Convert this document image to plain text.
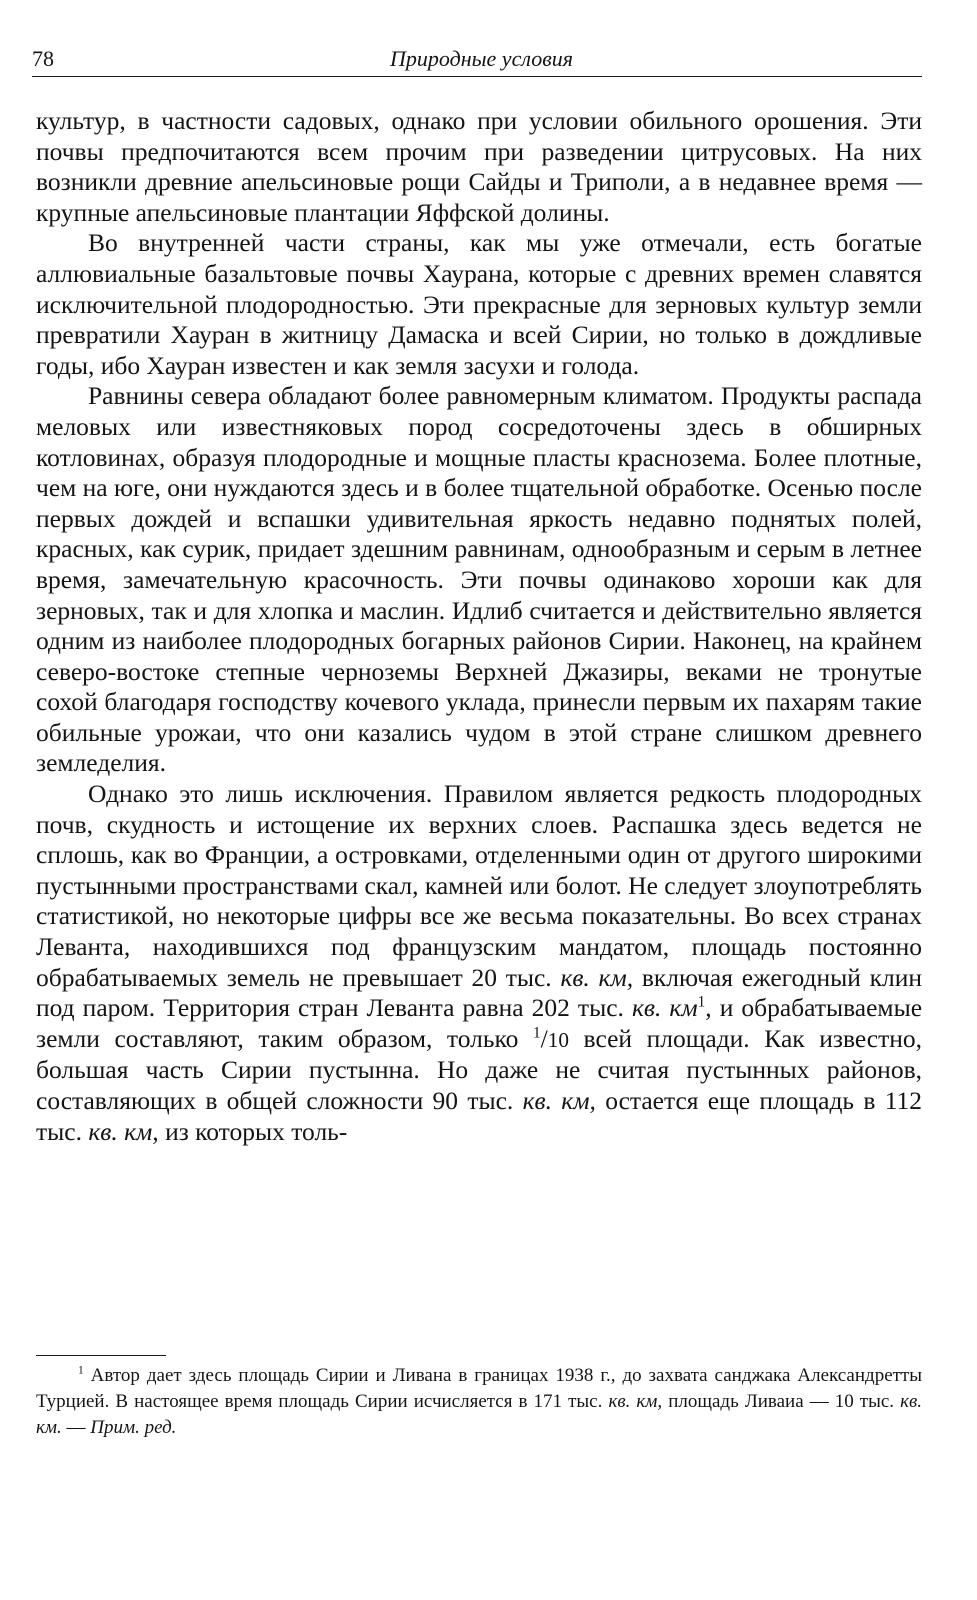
78	Природные условия

культур, в частности садовых, однако при условии обильного орошения. Эти почвы предпочитаются всем прочим при разведении цитрусовых. На них возникли древние апельсиновые рощи Сайды и Триполи, а в недавнее время — крупные апельсиновые плантации Яффской долины.

Во внутренней части страны, как мы уже отмечали, есть богатые аллювиальные базальтовые почвы Хаурана, которые с древних времен славятся исключительной плодородностью. Эти прекрасные для зерновых культур земли превратили Хауран в житницу Дамаска и всей Сирии, но только в дождливые годы, ибо Хауран известен и как земля засухи и голода.

Равнины севера обладают более равномерным климатом. Продукты распада меловых или известняковых пород сосредоточены здесь в обширных котловинах, образуя плодородные и мощные пласты краснозема. Более плотные, чем на юге, они нуждаются здесь и в более тщательной обработке. Осенью после первых дождей и вспашки удивительная яркость недавно поднятых полей, красных, как сурик, придает здешним равнинам, однообразным и серым в летнее время, замечательную красочность. Эти почвы одинаково хороши как для зерновых, так и для хлопка и маслин. Идлиб считается и действительно является одним из наиболее плодородных богарных районов Сирии. Наконец, на крайнем северо-востоке степные черноземы Верхней Джазиры, веками не тронутые сохой благодаря господству кочевого уклада, принесли первым их пахарям такие обильные урожаи, что они казались чудом в этой стране слишком древнего земледелия.

Однако это лишь исключения. Правилом является редкость плодородных почв, скудность и истощение их верхних слоев. Распашка здесь ведется не сплошь, как во Франции, а островками, отделенными один от другого широкими пустынными пространствами скал, камней или болот. Не следует злоупотреблять статистикой, но некоторые цифры все же весьма показательны. Во всех странах Леванта, находившихся под французским мандатом, площадь постоянно обрабатываемых земель не превышает 20 тыс. кв. км, включая ежегодный клин под паром. Территория стран Леванта равна 202 тыс. кв. $км^1$, и обрабатываемые земли составляют, таким образом, только $^1$/10 всей площади. Как известно, большая часть Сирии пустынна. Но даже не считая пустынных районов, составляющих в общей сложности 90 тыс. кв. км, остается еще площадь в 112 тыс. кв. км, из которых толь-

$^1$ Автор дает здесь площадь Сирии и Ливана в границах 1938 г., до захвата санджака Александретты Турцией. В настоящее время площадь Сирии исчисляется в 171 тыс. кв. км, площадь Ливаиа — 10 тыс. кв. км. — Прим. ред.
